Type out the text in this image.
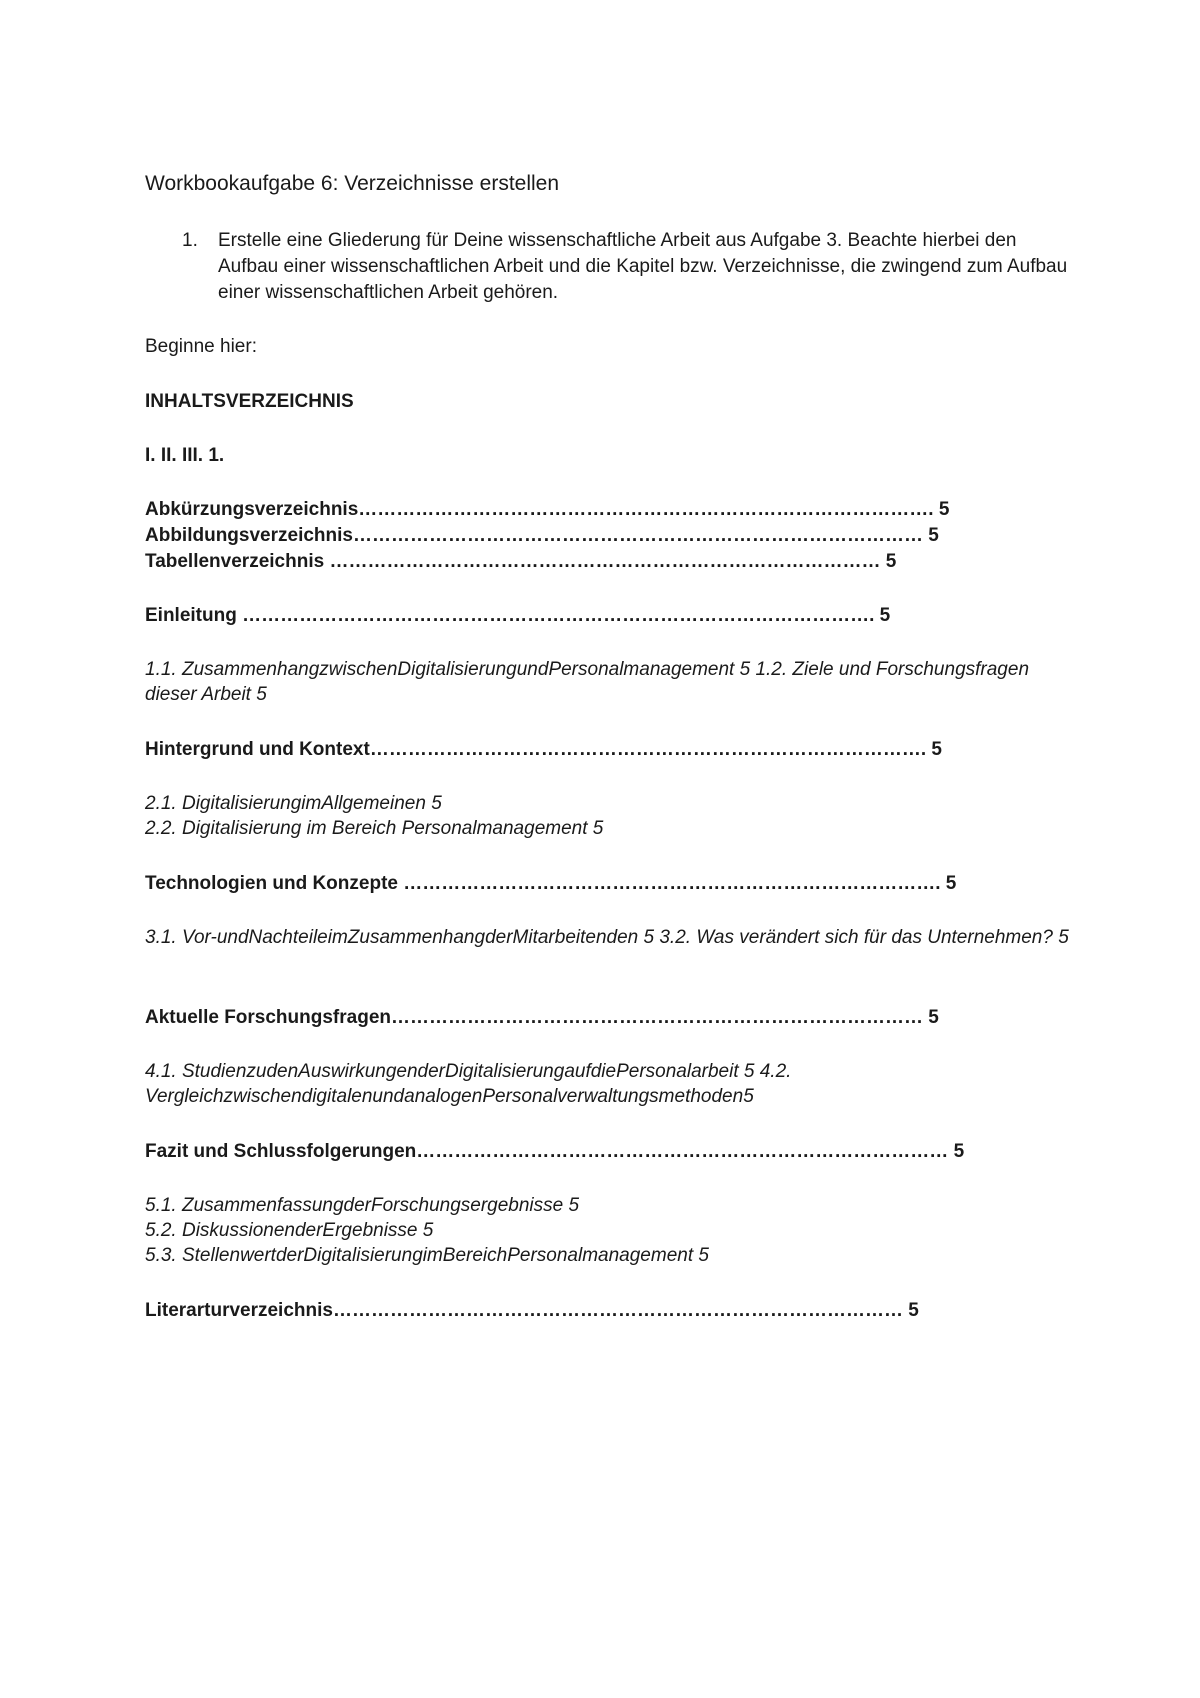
Workbookaufgabe 6: Verzeichnisse erstellen
1. Erstelle eine Gliederung für Deine wissenschaftliche Arbeit aus Aufgabe 3. Beachte hierbei den Aufbau einer wissenschaftlichen Arbeit und die Kapitel bzw. Verzeichnisse, die zwingend zum Aufbau einer wissenschaftlichen Arbeit gehören.
Beginne hier:
INHALTSVERZEICHNIS
I. II. III. 1.
Abkürzungsverzeichnis………………………………………………………………………………. 5
Abbildungsverzeichnis……………………………………………………………………………… 5
Tabellenverzeichnis …………………………………………………………………………… 5
Einleitung ………………………………………………………………………………………. 5
1.1. ZusammenhangzwischenDigitalisierungundPersonalmanagement 5 1.2. Ziele und Forschungsfragen dieser Arbeit 5
Hintergrund und Kontext……………………………………………………………………………. 5
2.1. DigitalisierungimAllgemeinen 5
2.2. Digitalisierung im Bereich Personalmanagement 5
Technologien und Konzepte …………………………………………………………………………. 5
3.1. Vor-undNachteileimZusammenhangderMitarbeitenden 5 3.2. Was verändert sich für das Unternehmen? 5
Aktuelle Forschungsfragen………………………………………………………………………… 5
4.1. StudienzudenAuswirkungenderDigitalisierungaufdiePersonalarbeit 5 4.2. VergleichzwischendigitalenundanalogenPersonalverwaltungsmethoden5
Fazit und Schlussfolgerungen………………………………………………………………………… 5
5.1. ZusammenfassungderForschungsergebnisse 5
5.2. DiskussionenderErgebnisse 5
5.3. StellenwertderDigitalisierungimBereichPersonalmanagement 5
Literarturverzeichnis……………………………………………………………………………… 5
